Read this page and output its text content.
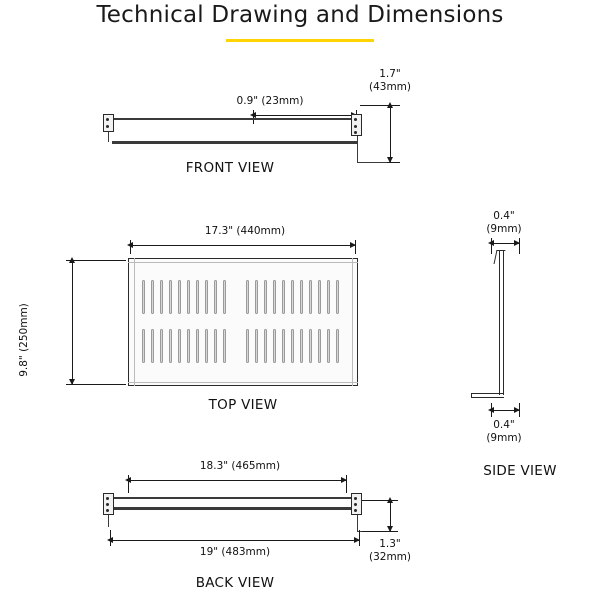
Technical Drawing and Dimensions
0.9" (23mm)
1.7"
(43mm)
FRONT VIEW
17.3" (440mm)
9.8" (250mm)
TOP VIEW
0.4"
(9mm)
0.4"
(9mm)
SIDE VIEW
18.3" (465mm)
1.3"
(32mm)
19" (483mm)
BACK VIEW
